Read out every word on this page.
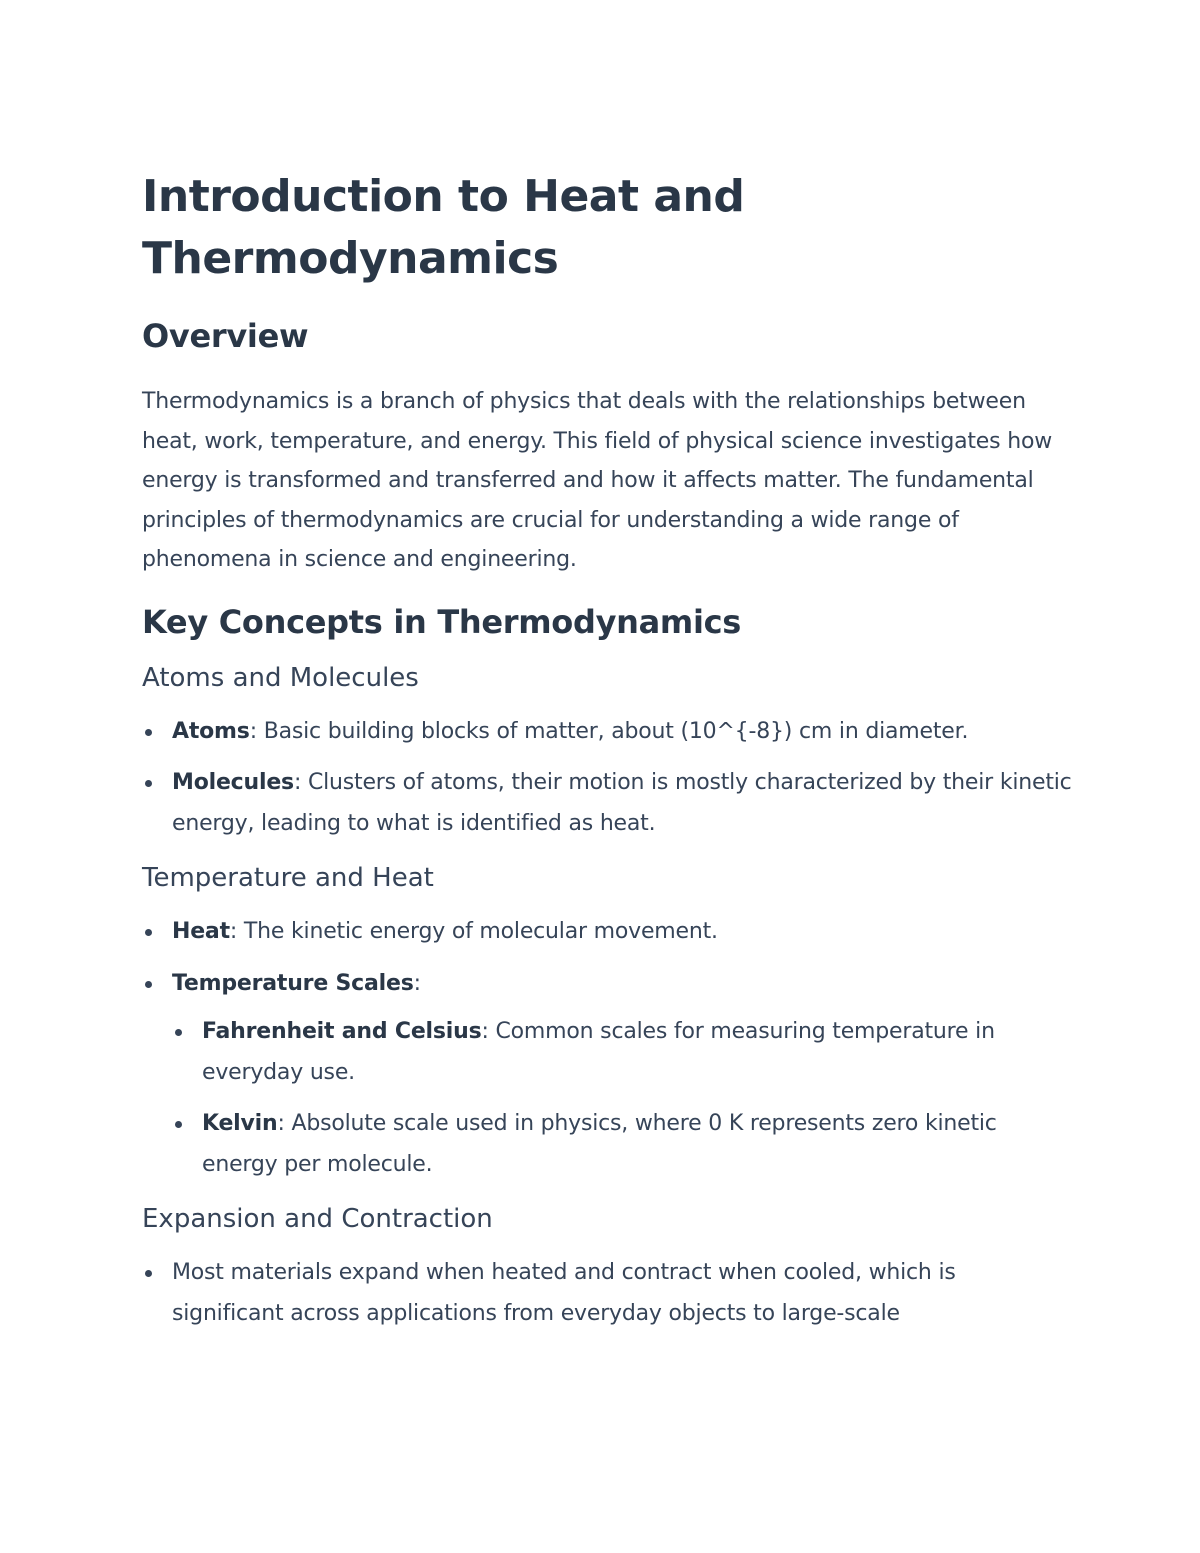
Introduction to Heat and Thermodynamics
Overview

Thermodynamics is a branch of physics that deals with the relationships between heat, work, temperature, and energy. This field of physical science investigates how energy is transformed and transferred and how it affects matter. The fundamental principles of thermodynamics are crucial for understanding a wide range of phenomena in science and engineering.

Key Concepts in Thermodynamics
Atoms and Molecules
Atoms: Basic building blocks of matter, about (10^{-8}) cm in diameter.
Molecules: Clusters of atoms, their motion is mostly characterized by their kinetic energy, leading to what is identified as heat.
Temperature and Heat
Heat: The kinetic energy of molecular movement.
Temperature Scales:
Fahrenheit and Celsius: Common scales for measuring temperature in everyday use.
Kelvin: Absolute scale used in physics, where 0 K represents zero kinetic energy per molecule.
Expansion and Contraction
Most materials expand when heated and contract when cooled, which is significant across applications from everyday objects to large-scale
